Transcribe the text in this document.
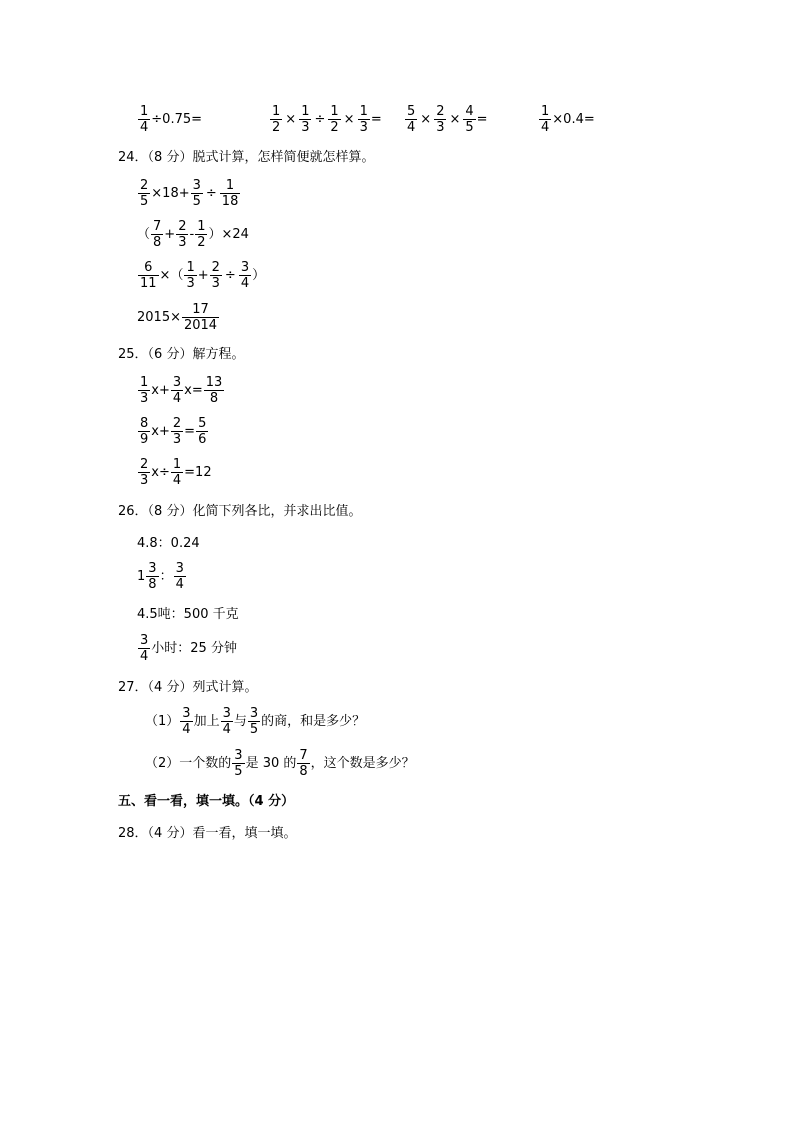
$\frac{1}{4} \div 0.75=$	$\frac{1}{2} \times \frac{1}{3} \div \frac{1}{2} \times \frac{1}{3} = \frac{5}{4} \times \frac{2}{3} \times \frac{4}{5}$ =	$\frac{1}{4} \times 0.4=$
24．（8 分）脱式计算，怎样简便就怎样算。
$\frac{2}{5} \times 18+ \frac{3}{5} \div \frac{1}{18}$
（ $\frac{7}{8} + \frac{2}{3} - \frac{1}{2} )\times 24$
$\frac{6}{11}$ ×（ $\frac{1}{3} + \frac{2}{3} \div \frac{3}{4}$ ）
$2015\times \frac{17}{2014}$
25．（6 分）解方程。
$\frac{1}{3} x+ \frac{3}{4} x= \frac{13}{8}$
$\frac{8}{9} x+ \frac{2}{3} = \frac{5}{6}$
$\frac{2}{3} x\div \frac{1}{4} =12$
26．（8 分）化简下列各比，并求出比值。
4.8：0.24
$1 \frac{3}{8}$ ： $\frac{3}{4}$
4.5吨：500 千克
$\frac{3}{4}$ 小时：25 分钟
27．（4 分）列式计算。
$(1) \frac{3}{4}$ 加上 $\frac{3}{4}$ 与 $\frac{3}{5}$ 的商，和是多少？
（2）一个数的 $\frac{3}{5}$ 是 30 的 $\frac{7}{8}$ ，这个数是多少？
五、看一看，填一填。（4 分）
28．（4 分）看一看，填一填。
